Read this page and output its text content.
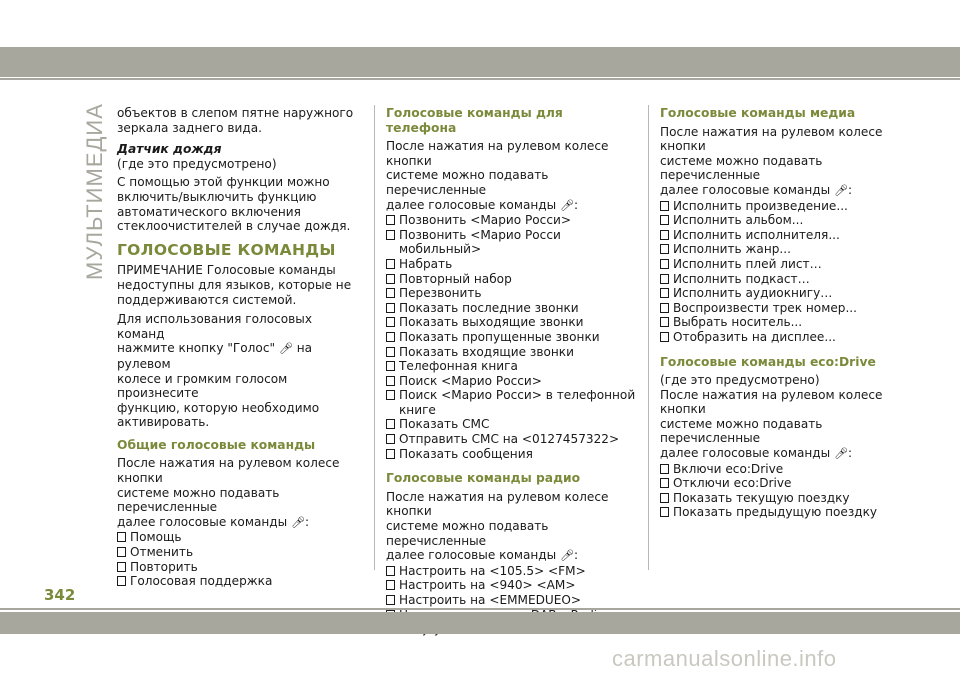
МУЛЬТИМЕДИА объектов в слепом пятне наружного

зеркала заднего вида.

Датчик дождя

(где это предусмотрено)

С помощью этой функции можно

включить/выключить функцию

автоматического включения

стеклоочистителей в случае дождя.

ГОЛОСОВЫЕ КОМАНДЫ

ПРИМЕЧАНИЕ Голосовые команды

недоступны для языков, которые не

поддерживаются системой.

Для использования голосовых команд

нажмите кнопку "Голос" 🎤︎ на рулевом

колесе и громким голосом произнесите

функцию, которую необходимо

активировать.

Общие голосовые команды

После нажатия на рулевом колесе кнопки

системе можно подавать перечисленные

далее голосовые команды 🎤︎:

Помощь
Отменить
Повторить
Голосовая поддержка
Голосовые команды для телефона

После нажатия на рулевом колесе кнопки

системе можно подавать перечисленные

далее голосовые команды 🎤︎:

Позвонить <Марио Росси>
Позвонить <Марио Росси мобильный>
Набрать
Повторный набор
Перезвонить
Показать последние звонки
Показать выходящие звонки
Показать пропущенные звонки
Показать входящие звонки
Телефонная книга
Поиск <Марио Росси>
Поиск <Марио Росси> в телефонной книге
Показать СМС
Отправить СМС на <0127457322>
Показать сообщения
Голосовые команды радио

После нажатия на рулевом колесе кнопки

системе можно подавать перечисленные

далее голосовые команды 🎤︎:

Настроить на <105.5> <FM>
Настроить на <940> <AM>
Настроить на <EMMEDUEO>
Голосовые команды медиа

После нажатия на рулевом колесе кнопки

системе можно подавать перечисленные

далее голосовые команды 🎤︎:

Исполнить произведение...
Исполнить альбом...
Исполнить исполнителя...
Исполнить жанр...
Исполнить плей лист…
Исполнить подкаст…
Исполнить аудиокнигу…
Воспроизвести трек номер...
Выбрать носитель...
Отобразить на дисплее...
Голосовые команды eco:Drive

(где это предусмотрено)

После нажатия на рулевом колесе кнопки

системе можно подавать перечисленные

далее голосовые команды 🎤︎:

Включи eco:Drive
Отключи eco:Drive
Показать текущую поездку
Показать предыдущую поездку
342
carmanualsonline.info
